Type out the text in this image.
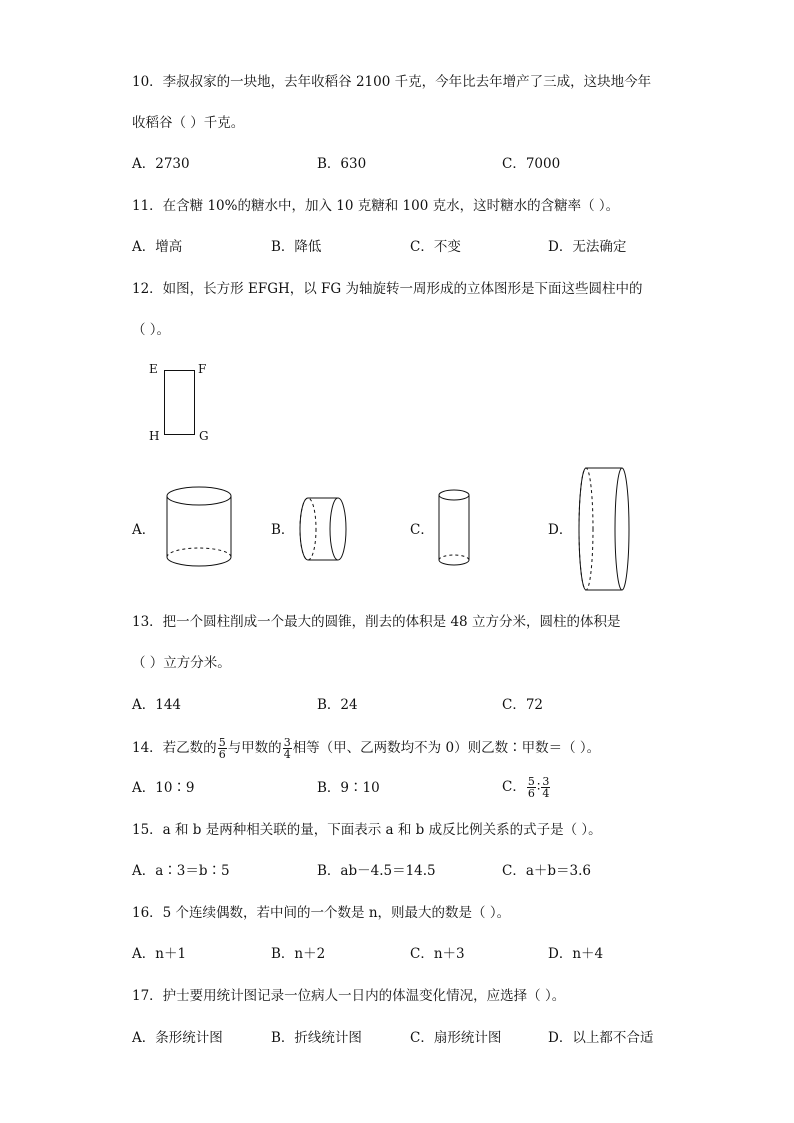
10．李叔叔家的一块地，去年收稻谷 2100 千克，今年比去年增产了三成，这块地今年
收稻谷（ ）千克。
A．2730	B．630	C．7000
11．在含糖 10%的糖水中，加入 10 克糖和 100 克水，这时糖水的含糖率（ ）。
A．增高	B．降低	C．不变	D．无法确定
12．如图，长方形 EFGH，以 FG 为轴旋转一周形成的立体图形是下面这些圆柱中的
（ ）。
E	F
H	G
A．	B．	C．	D．
13．把一个圆柱削成一个最大的圆锥，削去的体积是 48 立方分米，圆柱的体积是
（ ）立方分米。
A．144	B．24	C．72
14．若乙数的 $\frac{5}{6}$ 与甲数的 $\frac{3}{4}$ 相等（甲、乙两数均不为 0）则乙数∶甲数＝（ ）。
A．10∶9	B．9∶10	C． $\frac{5}{6}$ ∶ $\frac{3}{4}$
15．a 和 b 是两种相关联的量，下面表示 a 和 b 成反比例关系的式子是（ ）。
A．a∶3＝b∶5	B．ab－4.5＝14.5	C．a＋b＝3.6
16．5 个连续偶数，若中间的一个数是 n，则最大的数是（ ）。
A．n＋1	B．n＋2	C．n＋3	D．n＋4
17．护士要用统计图记录一位病人一日内的体温变化情况，应选择（ ）。
A．条形统计图	B．折线统计图	C．扇形统计图	D．以上都不合适
